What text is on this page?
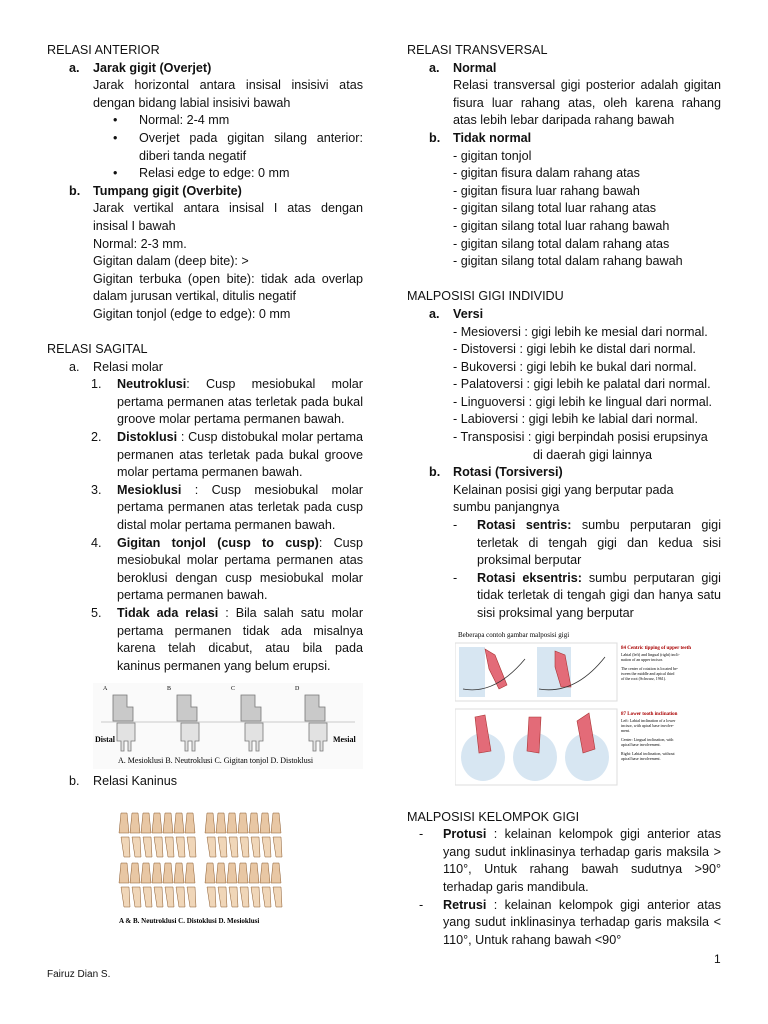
RELASI ANTERIOR
a.	Jarak gigit (Overjet)
Jarak horizontal antara insisal insisivi atas dengan bidang labial insisivi bawah
•	Normal: 2-4 mm
•	Overjet pada gigitan silang anterior: diberi tanda negatif
•	Relasi edge to edge: 0 mm
b.	Tumpang gigit (Overbite)
Jarak vertikal antara insisal I atas dengan insisal I bawah
Normal: 2-3 mm.
Gigitan dalam (deep bite): >
Gigitan terbuka (open bite): tidak ada overlap dalam jurusan vertikal, ditulis negatif
Gigitan tonjol (edge to edge): 0 mm
RELASI SAGITAL
a.	Relasi molar
1.	Neutroklusi: Cusp mesiobukal molar pertama permanen atas terletak pada bukal groove molar pertama permanen bawah.
2.	Distoklusi : Cusp distobukal molar pertama permanen atas terletak pada bukal groove molar pertama permanen bawah.
3.	Mesioklusi : Cusp mesiobukal molar pertama permanen atas terletak pada cusp distal molar pertama permanen bawah.
4.	Gigitan tonjol (cusp to cusp): Cusp mesiobukal molar pertama permanen atas beroklusi dengan cusp mesiobukal molar pertama permanen bawah.
5.	Tidak ada relasi : Bila salah satu molar pertama permanen tidak ada misalnya karena telah dicabut, atau bila pada kaninus permanen yang belum erupsi.
A	B	C	D
Distal	Mesial
A. Mesioklusi B. Neutroklusi C. Gigitan tonjol D. Distoklusi
b.	Relasi Kaninus
A & B. Neutroklusi C. Distoklusi D. Mesioklusi
RELASI TRANSVERSAL
a.	Normal
Relasi transversal gigi posterior adalah gigitan fisura luar rahang atas, oleh karena rahang atas lebih lebar daripada rahang bawah
b.	Tidak normal
- gigitan tonjol
- gigitan fisura dalam rahang atas
- gigitan fisura luar rahang bawah
- gigitan silang total luar rahang atas
- gigitan silang total luar rahang bawah
- gigitan silang total dalam rahang atas
- gigitan silang total dalam rahang bawah
MALPOSISI GIGI INDIVIDU
a.	Versi
- Mesioversi : gigi lebih ke mesial dari normal.
- Distoversi : gigi lebih ke distal dari normal.
- Bukoversi : gigi lebih ke bukal dari normal.
- Palatoversi : gigi lebih ke palatal dari normal.
- Linguoversi : gigi lebih ke lingual dari normal.
- Labioversi : gigi lebih ke labial dari normal.
- Transposisi : gigi berpindah posisi erupsinya
di daerah gigi lainnya
b.	Rotasi (Torsiversi)
Kelainan posisi gigi yang berputar pada sumbu panjangnya
-	Rotasi sentris: sumbu perputaran gigi terletak di tengah gigi dan kedua sisi proksimal berputar
-	Rotasi eksentris: sumbu perputaran gigi tidak terletak di tengah gigi dan hanya satu sisi proksimal yang berputar
Beberapa contoh gambar malposisi gigi
84 Centric tipping of upper teeth
Labial (left) and lingual (right) incli-
nation of an upper incisor.
The center of rotation is located be-
tween the middle and apical third
of the root (Schwarz, 1961).
87 Lower tooth inclination
Left: Labial inclination of a lower
incisor, with apical base involve-
ment.
Center: Lingual inclination, with
apical base involvement.
Right: Labial inclination, without
apical base involvement.
MALPOSISI KELOMPOK GIGI
-	Protusi : kelainan kelompok gigi anterior atas yang sudut inklinasinya terhadap garis maksila > 110°, Untuk rahang bawah sudutnya >90° terhadap garis mandibula.
-	Retrusi : kelainan kelompok gigi anterior atas yang sudut inklinasinya terhadap garis maksila < 110°, Untuk rahang bawah <90°
1
Fairuz Dian S.
